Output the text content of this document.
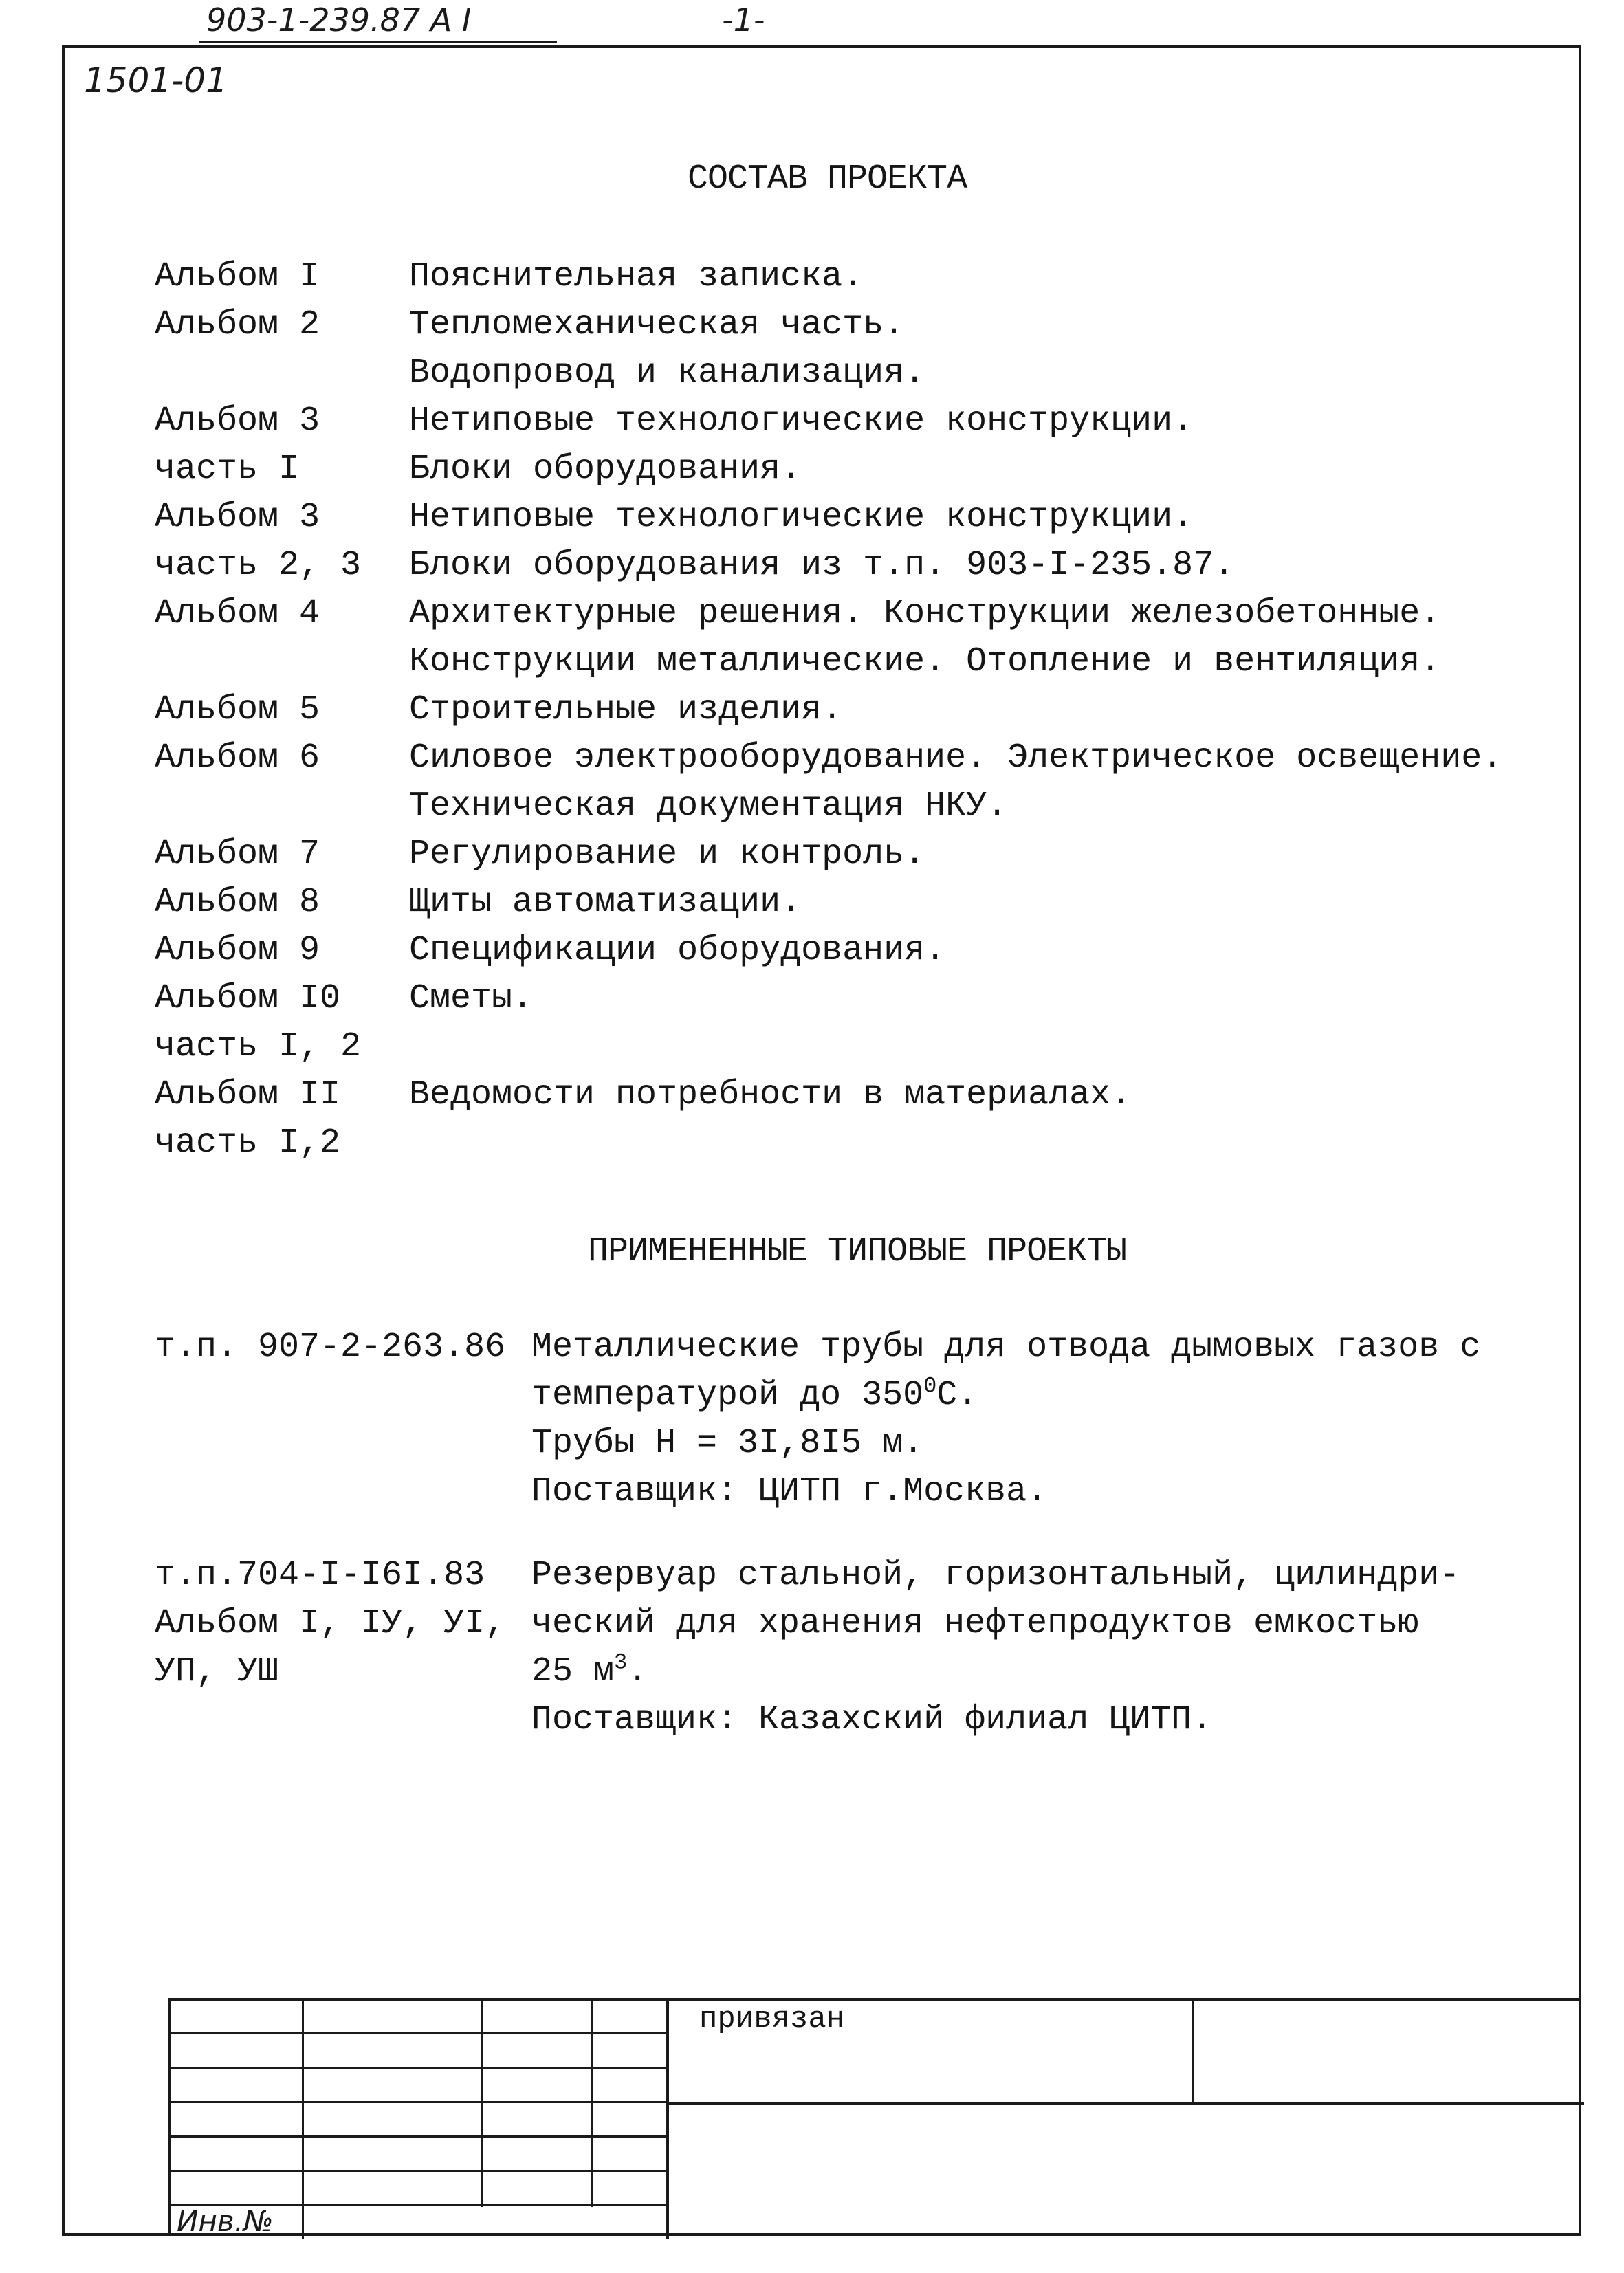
903-1-239.87 А I	-1-
1501-01
СОСТАВ ПРОЕКТА
Альбом I	Пояснительная записка.
Альбом 2	Тепломеханическая часть.
Водопровод и канализация.
Альбом 3	Нетиповые технологические конструкции.
часть I	Блоки оборудования.
Альбом 3	Нетиповые технологические конструкции.
часть 2, 3 Блоки оборудования из т.п. 903-I-235.87.
Альбом 4	Архитектурные решения. Конструкции железобетонные.
Конструкции металлические. Отопление и вентиляция.
Альбом 5	Строительные изделия.
Альбом 6	Силовое электрооборудование. Электрическое освещение.
Техническая документация НКУ.
Альбом 7	Регулирование и контроль.
Альбом 8	Щиты автоматизации.
Альбом 9	Спецификации оборудования.
Альбом I0 Сметы.
часть I, 2
Альбом II Ведомости потребности в материалах.
часть I,2
ПРИМЕНЕННЫЕ ТИПОВЫЕ ПРОЕКТЫ
т.п. 907-2-263.86 Металлические трубы для отвода дымовых газов с
температурой до $350^0С$.
Трубы Н = 3I,8I5 м.
Поставщик: ЦИТП г.Москва.
т.п.704-I-I6I.83 Резервуар стальной, горизонтальный, цилиндри-
Альбом I, IУ, УI, ческий для хранения нефтепродуктов емкостью
УП, УШ	25 $м^3$.
Поставщик: Казахский филиал ЦИТП.
привязан
Инв.№
